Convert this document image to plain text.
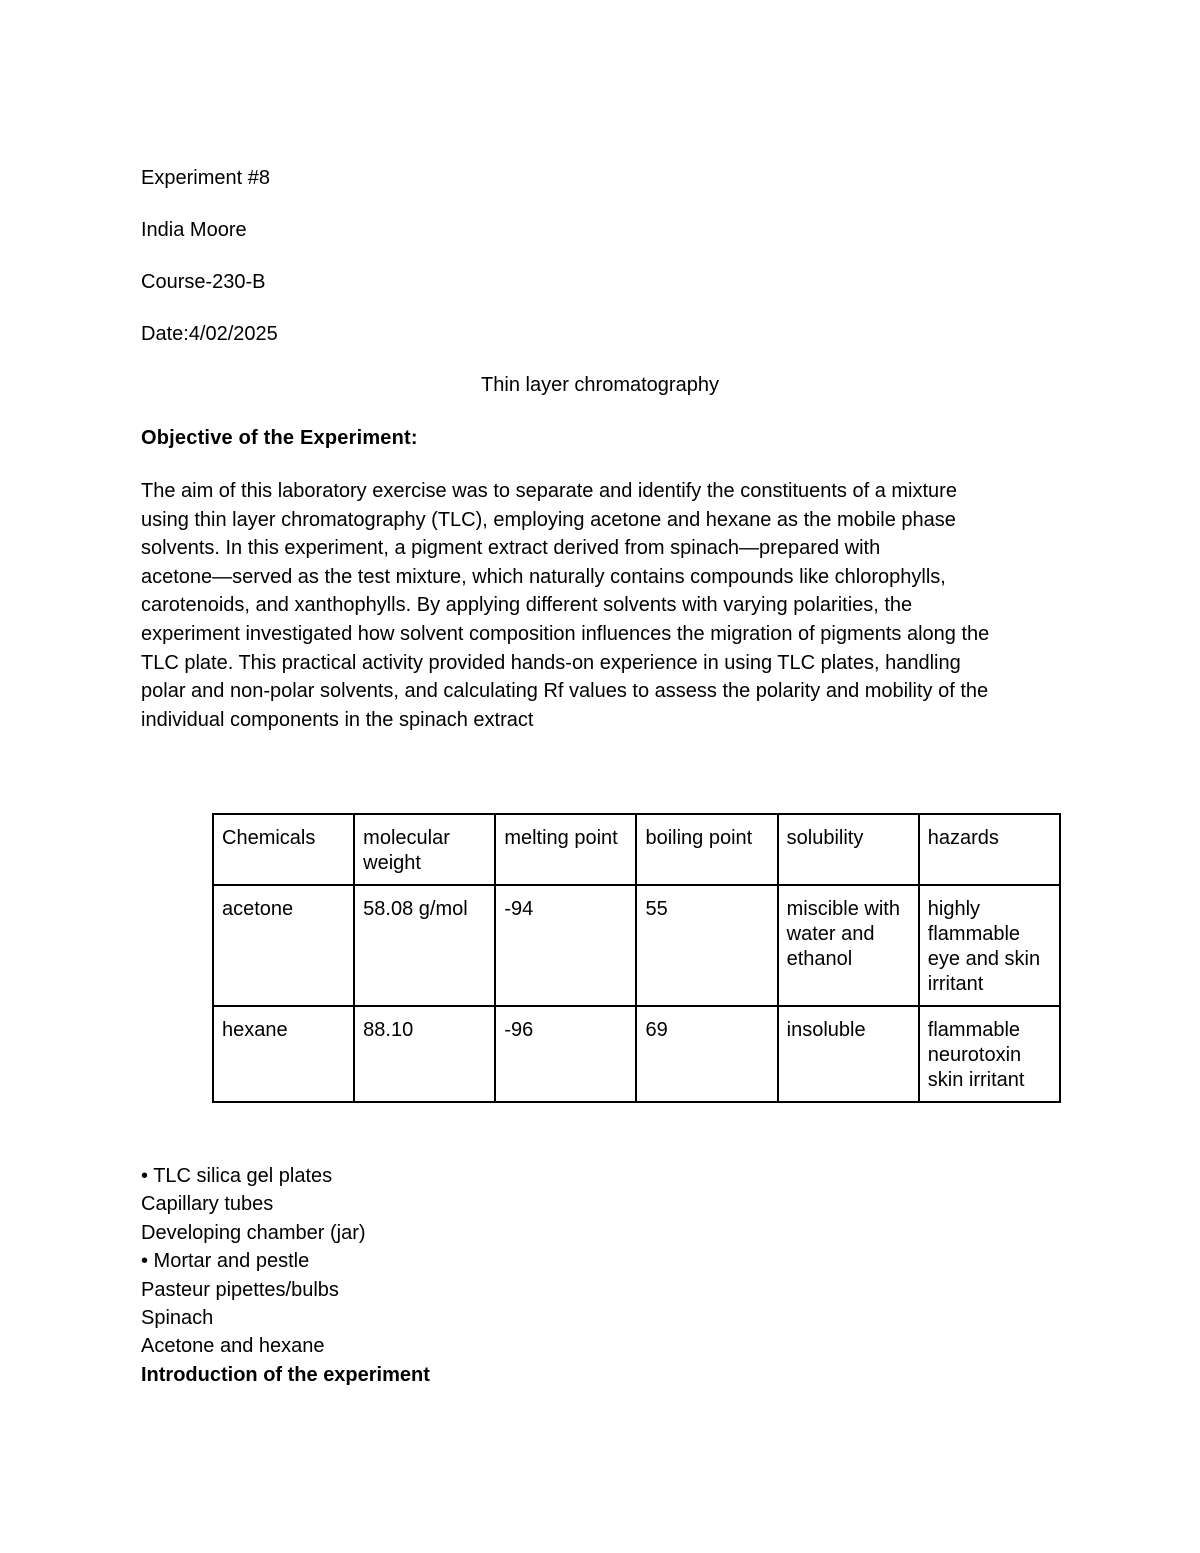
Experiment #8
India Moore
Course-230-B
Date:4/02/2025
Thin layer chromatography
Objective of the Experiment:
The aim of this laboratory exercise was to separate and identify the constituents of a mixture
using thin layer chromatography (TLC), employing acetone and hexane as the mobile phase
solvents. In this experiment, a pigment extract derived from spinach—prepared with
acetone—served as the test mixture, which naturally contains compounds like chlorophylls,
carotenoids, and xanthophylls. By applying different solvents with varying polarities, the
experiment investigated how solvent composition influences the migration of pigments along the
TLC plate. This practical activity provided hands-on experience in using TLC plates, handling
polar and non-polar solvents, and calculating Rf values to assess the polarity and mobility of the
individual components in the spinach extract
Chemicals	molecular weight	melting point	boiling point	solubility	hazards
acetone	58.08 g/mol	-94	55	miscible with water and ethanol	highly flammable eye and skin irritant
hexane	88.10	-96	69	insoluble	flammable neurotoxin skin irritant
• TLC silica gel plates
Capillary tubes
Developing chamber (jar)
• Mortar and pestle
Pasteur pipettes/bulbs
Spinach
Acetone and hexane
Introduction of the experiment
